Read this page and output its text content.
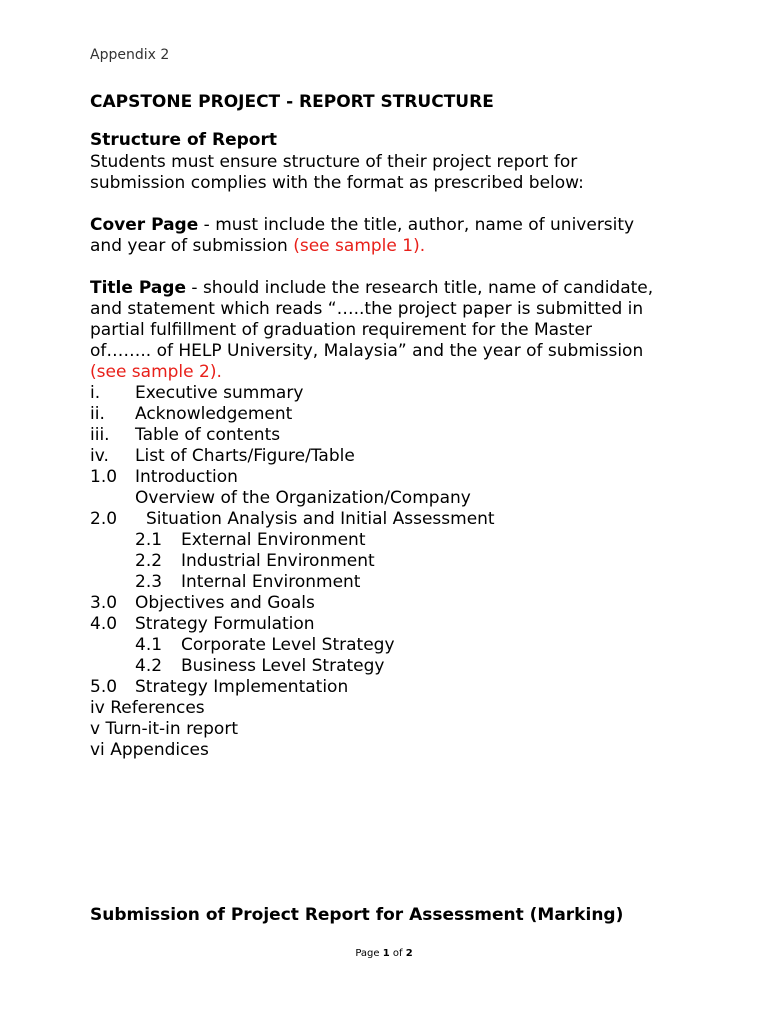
Appendix 2
CAPSTONE PROJECT - REPORT STRUCTURE
Structure of Report
Students must ensure structure of their project report for
submission complies with the format as prescribed below:
Cover Page - must include the title, author, name of university
and year of submission (see sample 1).
Title Page - should include the research title, name of candidate,
and statement which reads “…..the project paper is submitted in
partial fulfillment of graduation requirement for the Master
of…….. of HELP University, Malaysia” and the year of submission
(see sample 2).
i. Executive summary
ii. Acknowledgement
iii. Table of contents
iv. List of Charts/Figure/Table
1.0 Introduction
Overview of the Organization/Company
2.0 Situation Analysis and Initial Assessment
2.1 External Environment
2.2 Industrial Environment
2.3 Internal Environment
3.0 Objectives and Goals
4.0 Strategy Formulation
4.1 Corporate Level Strategy
4.2 Business Level Strategy
5.0 Strategy Implementation
iv References
v Turn-it-in report
vi Appendices
Submission of Project Report for Assessment (Marking)
Page 1 of 2
